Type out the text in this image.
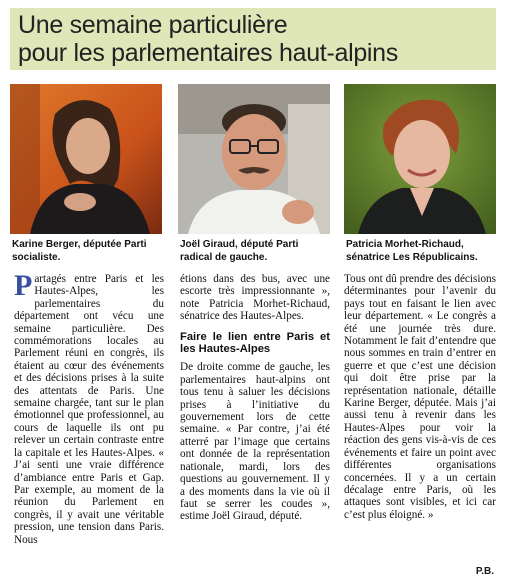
Une semaine particulière
pour les parlementaires haut-alpins
Karine Berger, députée Parti socialiste.
Joël Giraud, député Parti radical de gauche.
Patricia Morhet-Richaud, sénatrice Les Républicains.

Partagés entre Paris et les Hautes-Alpes, les parlementaires du département ont vécu une semaine particulière. Des commémorations locales au Parlement réuni en congrès, ils étaient au cœur des événements et des décisions prises à la suite des attentats de Paris. Une semaine chargée, tant sur le plan émotionnel que professionnel, au cours de laquelle ils ont pu relever un certain contraste entre la capitale et les Hautes-Alpes. « J’ai senti une vraie différence d’ambiance entre Paris et Gap. Par exemple, au moment de la réunion du Parlement en congrès, il y avait une véritable pression, une tension dans Paris. Nous

étions dans des bus, avec une escorte très impressionnante », note Patricia Morhet-Richaud, sénatrice des Hautes-Alpes.

Faire le lien entre Paris et les Hautes-Alpes

De droite comme de gauche, les parlementaires haut-alpins ont tous tenu à saluer les décisions prises à l’initiative du gouvernement lors de cette semaine. « Par contre, j’ai été atterré par l’image que certains ont donnée de la représentation nationale, mardi, lors des questions au gouvernement. Il y a des moments dans la vie où il faut se serrer les coudes », estime Joël Giraud, député.

Tous ont dû prendre des décisions déterminantes pour l’avenir du pays tout en faisant le lien avec leur département. « Le congrès a été une journée très dure. Notamment le fait d’entendre que nous sommes en train d’entrer en guerre et que c’est une décision qui doit être prise par la représentation nationale, détaille Karine Berger, députée. Mais j’ai aussi tenu à revenir dans les Hautes-Alpes pour voir la réaction des gens vis-à-vis de ces événements et faire un point avec différentes organisations concernées. Il y a un certain décalage entre Paris, où les attaques sont visibles, et ici car c’est plus éloigné. »

P.B.
